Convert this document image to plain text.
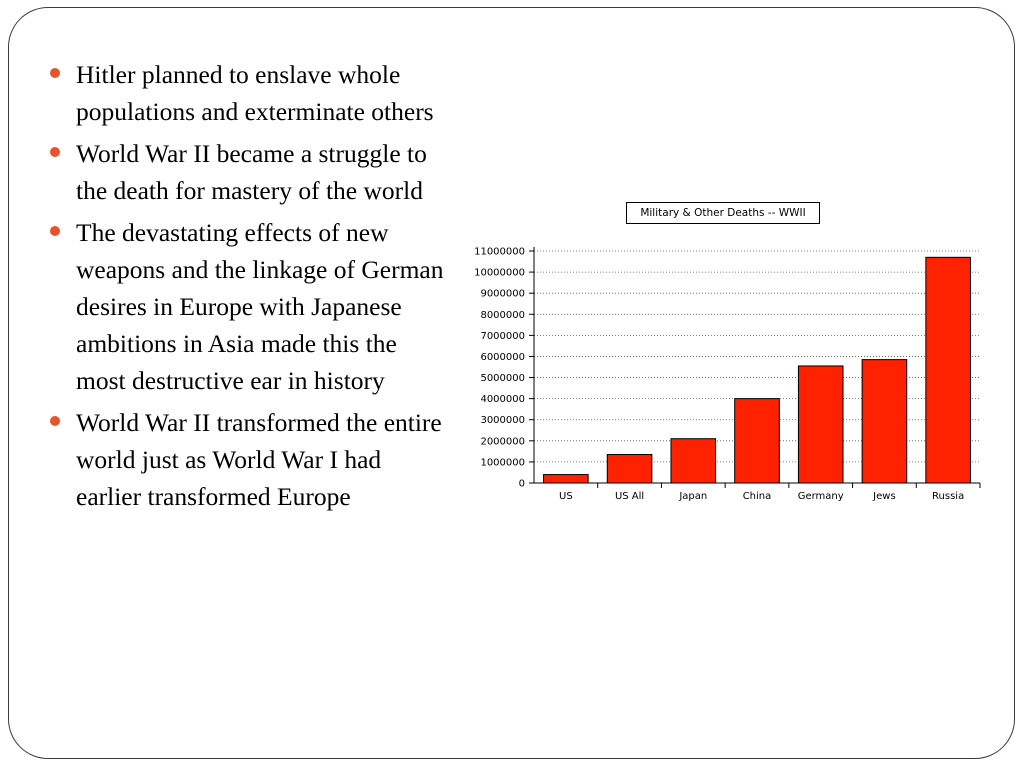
Hitler planned to enslave whole populations and exterminate others
World War II became a struggle to the death for mastery of the world
The devastating effects of new weapons and the linkage of German desires in Europe with Japanese ambitions in Asia made this the most destructive ear in history
World War II transformed the entire world just as World War I had earlier transformed Europe
Military & Other Deaths -- WWII
0
1000000
2000000
3000000
4000000
5000000
6000000
7000000
8000000
9000000
10000000
11000000
US	US All	Japan	China	Germany	Jews	Russia
